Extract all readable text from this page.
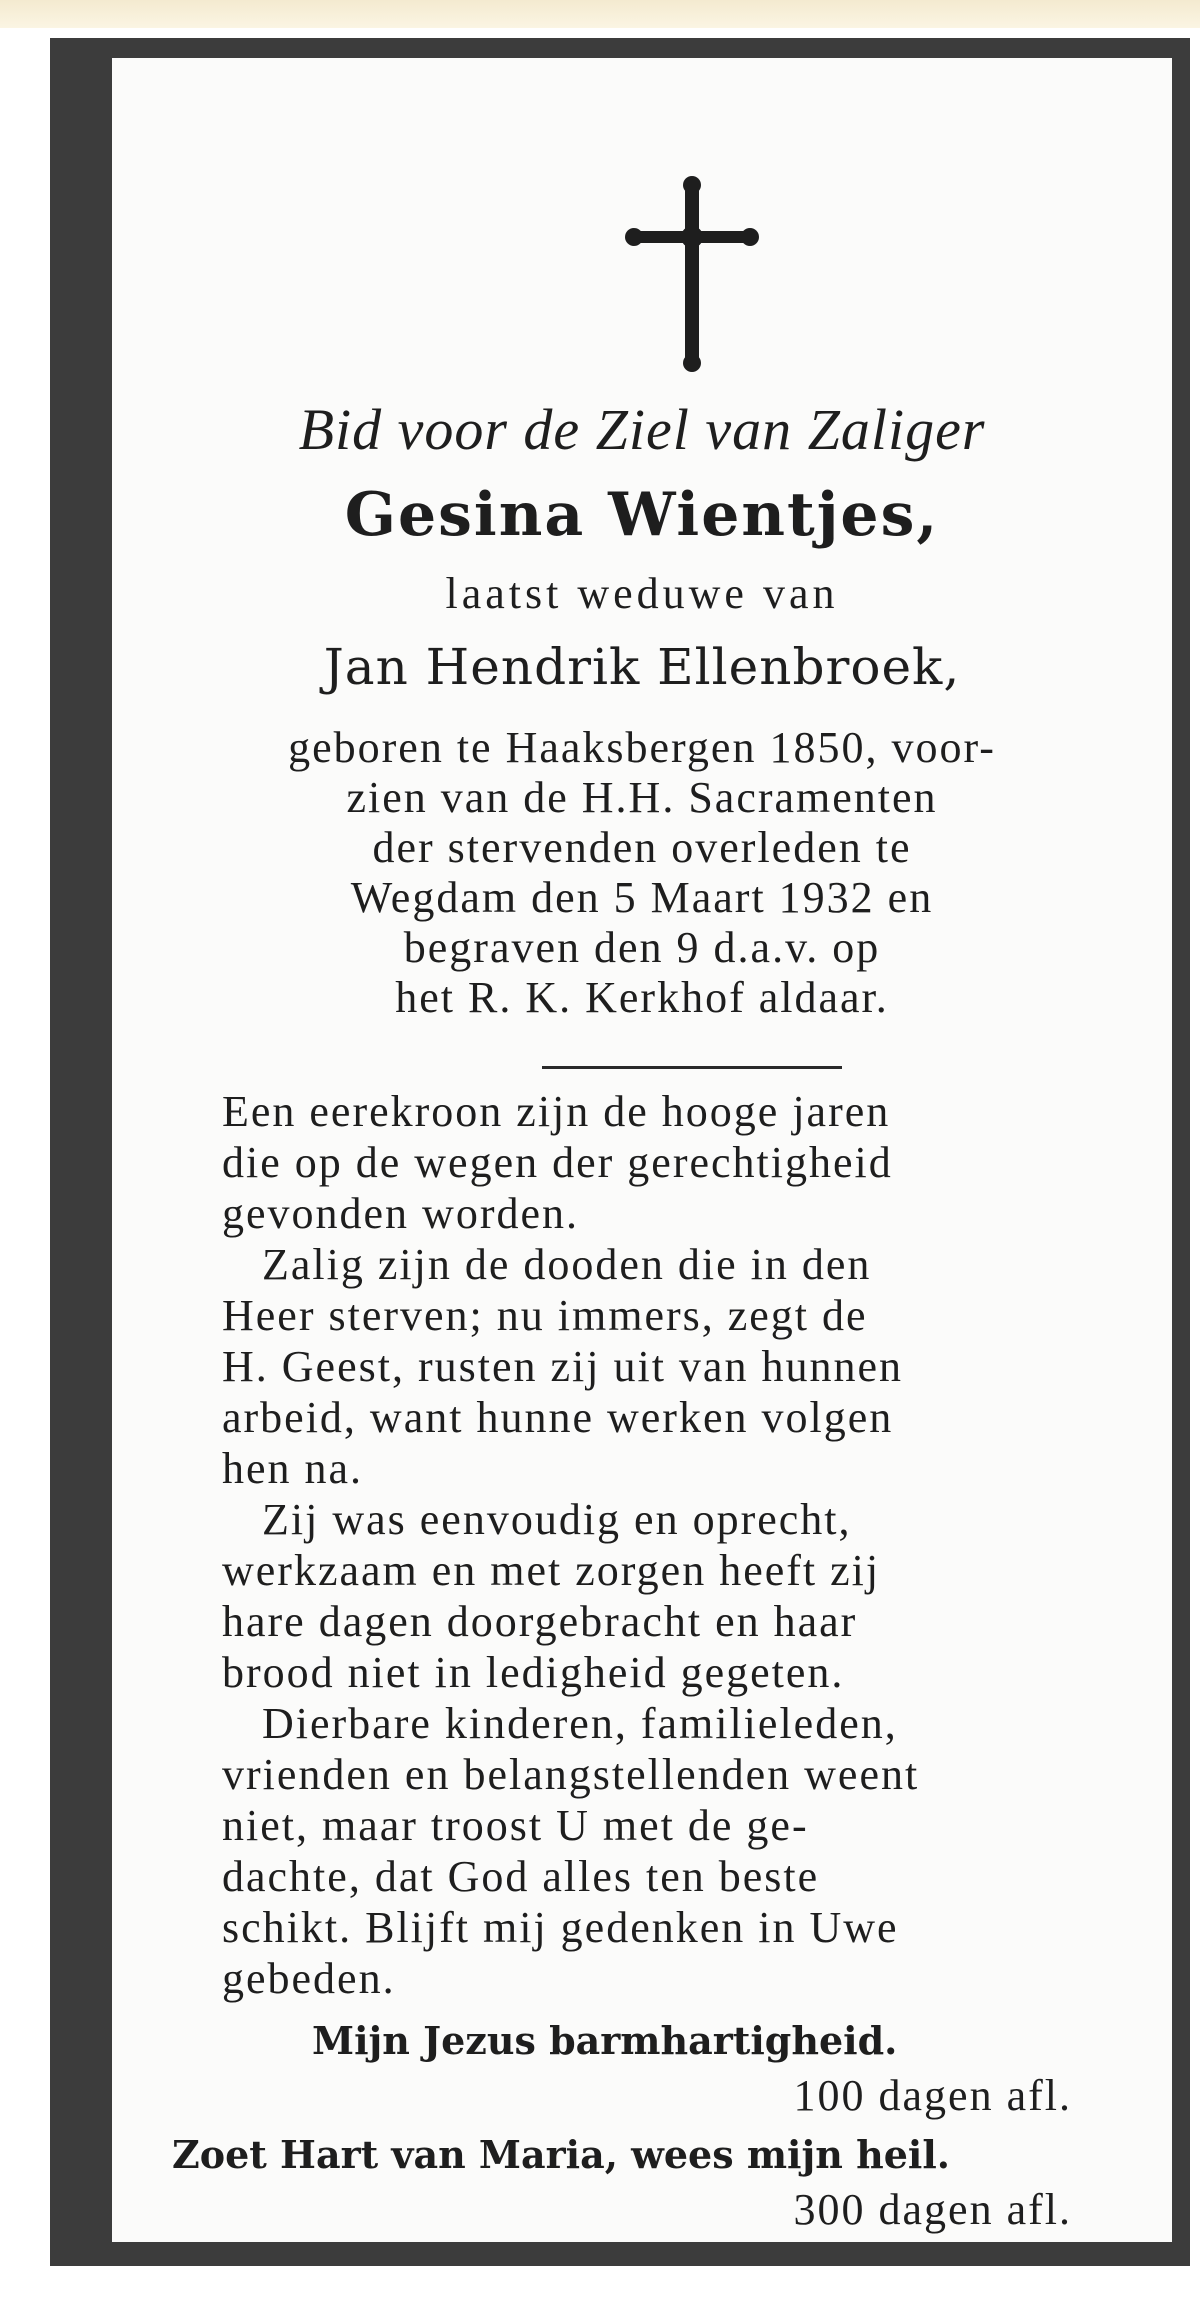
Bid voor de Ziel van Zaliger
Gesina Wientjes,
laatst weduwe van
Jan Hendrik Ellenbroek,
geboren te Haaksbergen 1850, voor-
zien van de H.H. Sacramenten
der stervenden overleden te
Wegdam den 5 Maart 1932 en
begraven den 9 d.a.v. op
het R. K. Kerkhof aldaar.
Een eerekroon zijn de hooge jaren
die op de wegen der gerechtigheid
gevonden worden.
Zalig zijn de dooden die in den
Heer sterven; nu immers, zegt de
H. Geest, rusten zij uit van hunnen
arbeid, want hunne werken volgen
hen na.
Zij was eenvoudig en oprecht,
werkzaam en met zorgen heeft zij
hare dagen doorgebracht en haar
brood niet in ledigheid gegeten.
Dierbare kinderen, familieleden,
vrienden en belangstellenden weent
niet, maar troost U met de ge-
dachte, dat God alles ten beste
schikt. Blijft mij gedenken in Uwe
gebeden.
Mijn Jezus barmhartigheid.
100 dagen afl.
Zoet Hart van Maria, wees mijn heil.
300 dagen afl.
